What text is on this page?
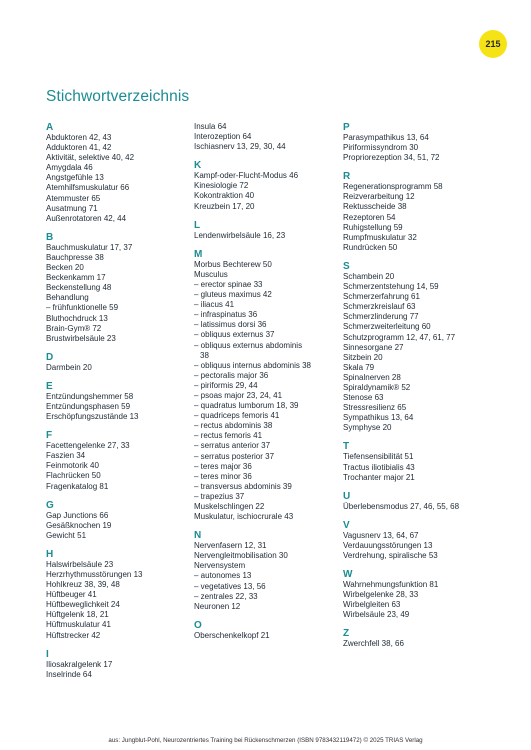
215
Stichwortverzeichnis
A
Abduktoren 42, 43
Adduktoren 41, 42
Aktivität, selektive 40, 42
Amygdala 46
Angstgefühle 13
Atemhilfsmuskulatur 66
Atemmuster 65
Ausatmung 71
Außenrotatoren 42, 44
B
Bauchmuskulatur 17, 37
Bauchpresse 38
Becken 20
Beckenkamm 17
Beckenstellung 48
Behandlung
– frühfunktionelle 59
Bluthochdruck 13
Brain-Gym® 72
Brustwirbelsäule 23
D
Darmbein 20
E
Entzündungshemmer 58
Entzündungsphasen 59
Erschöpfungszustände 13
F
Facettengelenke 27, 33
Faszien 34
Feinmotorik 40
Flachrücken 50
Fragenkatalog 81
G
Gap Junctions 66
Gesäßknochen 19
Gewicht 51
H
Halswirbelsäule 23
Herzrhythmusstörungen 13
Hohlkreuz 38, 39, 48
Hüftbeuger 41
Hüftbeweglichkeit 24
Hüftgelenk 18, 21
Hüftmuskulatur 41
Hüftstrecker 42
I
Iliosakralgelenk 17
Inselrinde 64
Insula 64
Interozeption 64
Ischiasnerv 13, 29, 30, 44
K
Kampf-oder-Flucht-Modus 46
Kinesiologie 72
Kokontraktion 40
Kreuzbein 17, 20
L
Lendenwirbelsäule 16, 23
M
Morbus Bechterew 50
Musculus
– erector spinae 33
– gluteus maximus 42
– iliacus 41
– infraspinatus 36
– latissimus dorsi 36
– obliquus externus 37
– obliquus externus abdominis
38
– obliquus internus abdominis 38
– pectoralis major 36
– piriformis 29, 44
– psoas major 23, 24, 41
– quadratus lumborum 18, 39
– quadriceps femoris 41
– rectus abdominis 38
– rectus femoris 41
– serratus anterior 37
– serratus posterior 37
– teres major 36
– teres minor 36
– transversus abdominis 39
– trapezius 37
Muskelschlingen 22
Muskulatur, ischiocrurale 43
N
Nervenfasern 12, 31
Nervengleitmobilisation 30
Nervensystem
– autonomes 13
– vegetatives 13, 56
– zentrales 22, 33
Neuronen 12
O
Oberschenkelkopf 21
P
Parasympathikus 13, 64
Piriformissyndrom 30
Propriorezeption 34, 51, 72
R
Regenerationsprogramm 58
Reizverarbeitung 12
Rektusscheide 38
Rezeptoren 54
Ruhigstellung 59
Rumpfmuskulatur 32
Rundrücken 50
S
Schambein 20
Schmerzentstehung 14, 59
Schmerzerfahrung 61
Schmerzkreislauf 63
Schmerzlinderung 77
Schmerzweiterleitung 60
Schutzprogramm 12, 47, 61, 77
Sinnesorgane 27
Sitzbein 20
Skala 79
Spinalnerven 28
Spiraldynamik® 52
Stenose 63
Stressresilienz 65
Sympathikus 13, 64
Symphyse 20
T
Tiefensensibilität 51
Tractus iliotibialis 43
Trochanter major 21
U
Überlebensmodus 27, 46, 55, 68
V
Vagusnerv 13, 64, 67
Verdauungsstörungen 13
Verdrehung, spiralische 53
W
Wahrnehmungsfunktion 81
Wirbelgelenke 28, 33
Wirbelgleiten 63
Wirbelsäule 23, 49
Z
Zwerchfell 38, 66
aus: Jungblut-Pohl, Neurozentriertes Training bei Rückenschmerzen (ISBN 9783432119472) © 2025 TRIAS Verlag
